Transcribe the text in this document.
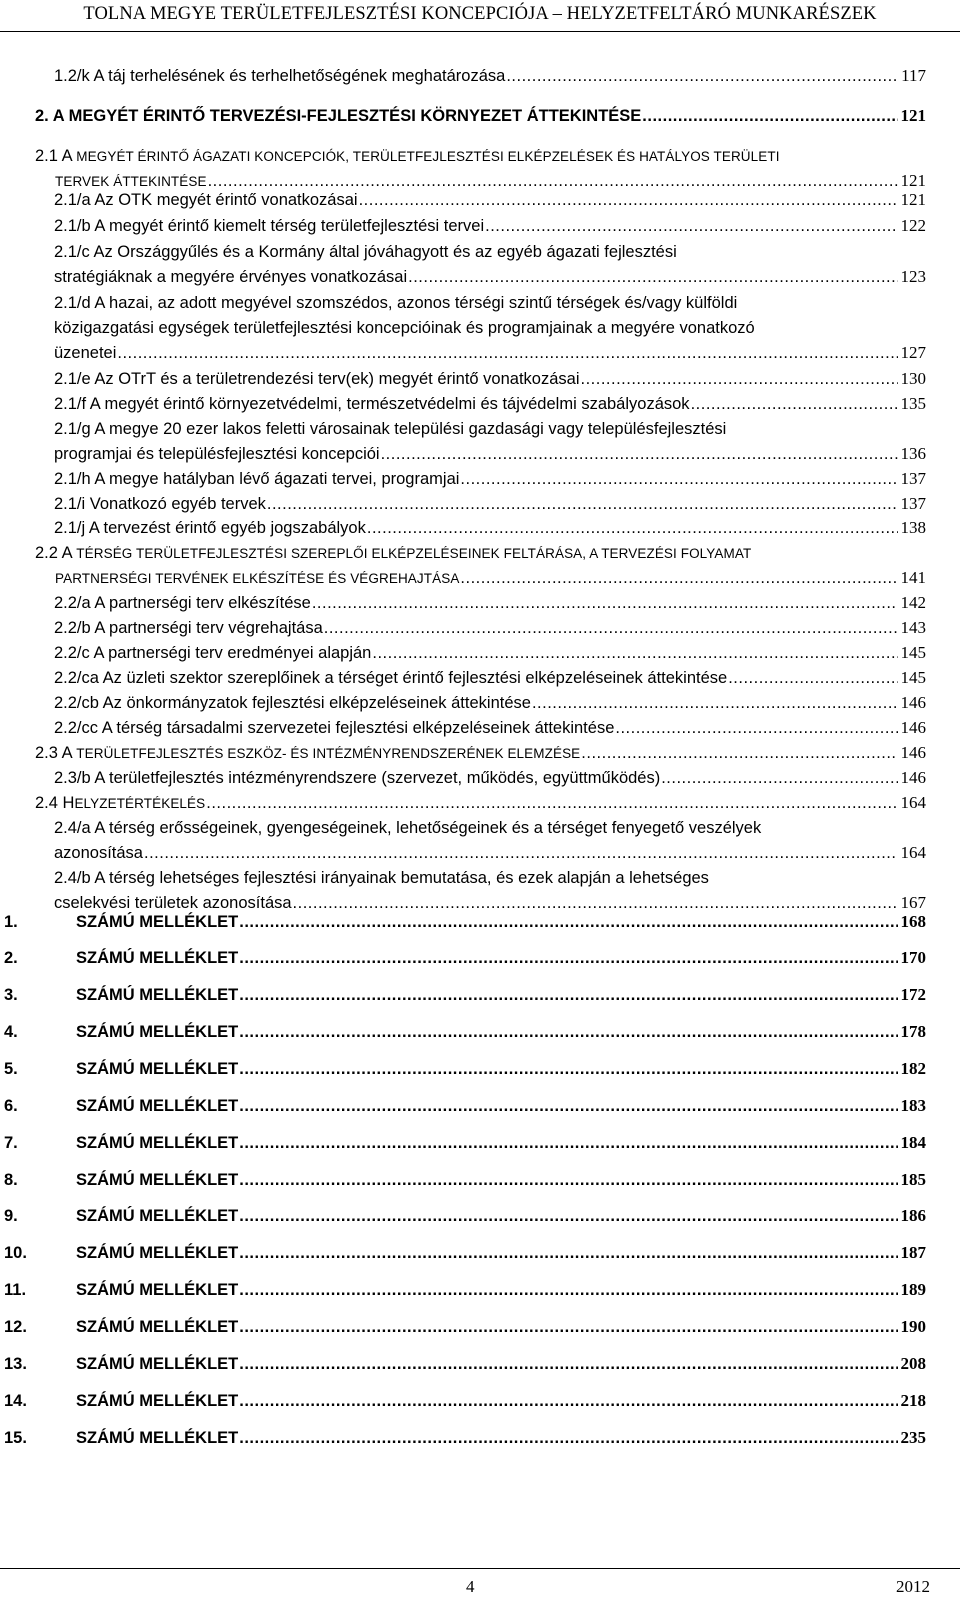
TOLNA MEGYE TERÜLETFEJLESZTÉSI KONCEPCIÓJA – HELYZETFELTÁRÓ MUNKARÉSZEK
1.2/k A táj terhelésének és terhelhetőségének meghatározása .....	117
2. A MEGYÉT ÉRINTŐ TERVEZÉSI-FEJLESZTÉSI KÖRNYEZET ÁTTEKINTÉSE .....	121
2.1 A MEGYÉT ÉRINTŐ ÁGAZATI KONCEPCIÓK, TERÜLETFEJLESZTÉSI ELKÉPZELÉSEK ÉS HATÁLYOS TERÜLETI
TERVEK ÁTTEKINTÉSE .....	121
2.1/a Az OTK megyét érintő vonatkozásai .....	121
2.1/b A megyét érintő kiemelt térség területfejlesztési tervei .....	122
2.1/c Az Országgyűlés és a Kormány által jóváhagyott és az egyéb ágazati fejlesztési
stratégiáknak a megyére érvényes vonatkozásai .....	123
2.1/d A hazai, az adott megyével szomszédos, azonos térségi szintű térségek és/vagy külföldi
közigazgatási egységek területfejlesztési koncepcióinak és programjainak a megyére vonatkozó
üzenetei .....	127
2.1/e Az OTrT és a területrendezési terv(ek) megyét érintő vonatkozásai .....	130
2.1/f A megyét érintő környezetvédelmi, természetvédelmi és tájvédelmi szabályozások .....	135
2.1/g A megye 20 ezer lakos feletti városainak települési gazdasági vagy településfejlesztési
programjai és településfejlesztési koncepciói .....	136
2.1/h A megye hatályban lévő ágazati tervei, programjai .....	137
2.1/i Vonatkozó egyéb tervek .....	137
2.1/j A tervezést érintő egyéb jogszabályok .....	138
2.2 A TÉRSÉG TERÜLETFEJLESZTÉSI SZEREPLŐI ELKÉPZELÉSEINEK FELTÁRÁSA, A TERVEZÉSI FOLYAMAT
PARTNERSÉGI TERVÉNEK ELKÉSZÍTÉSE ÉS VÉGREHAJTÁSA .....	141
2.2/a A partnerségi terv elkészítése .....	142
2.2/b A partnerségi terv végrehajtása .....	143
2.2/c A partnerségi terv eredményei alapján .....	145
2.2/ca Az üzleti szektor szereplőinek a térséget érintő fejlesztési elképzeléseinek áttekintése .....	145
2.2/cb Az önkormányzatok fejlesztési elképzeléseinek áttekintése .....	146
2.2/cc A térség társadalmi szervezetei fejlesztési elképzeléseinek áttekintése .....	146
2.3 A TERÜLETFEJLESZTÉS ESZKÖZ- ÉS INTÉZMÉNYRENDSZERÉNEK ELEMZÉSE .....	146
2.3/b A területfejlesztés intézményrendszere (szervezet, működés, együttműködés) .....	146
2.4 HELYZETÉRTÉKELÉS .....	164
2.4/a A térség erősségeinek, gyengeségeinek, lehetőségeinek és a térséget fenyegető veszélyek
azonosítása .....	164
2.4/b A térség lehetséges fejlesztési irányainak bemutatása, és ezek alapján a lehetséges
cselekvési területek azonosítása .....	167
1.	SZÁMÚ MELLÉKLET .....	168
2.	SZÁMÚ MELLÉKLET .....	170
3.	SZÁMÚ MELLÉKLET .....	172
4.	SZÁMÚ MELLÉKLET .....	178
5.	SZÁMÚ MELLÉKLET .....	182
6.	SZÁMÚ MELLÉKLET .....	183
7.	SZÁMÚ MELLÉKLET .....	184
8.	SZÁMÚ MELLÉKLET .....	185
9.	SZÁMÚ MELLÉKLET .....	186
10.	SZÁMÚ MELLÉKLET .....	187
11.	SZÁMÚ MELLÉKLET .....	189
12.	SZÁMÚ MELLÉKLET .....	190
13.	SZÁMÚ MELLÉKLET .....	208
14.	SZÁMÚ MELLÉKLET .....	218
15.	SZÁMÚ MELLÉKLET .....	235
4	2012
